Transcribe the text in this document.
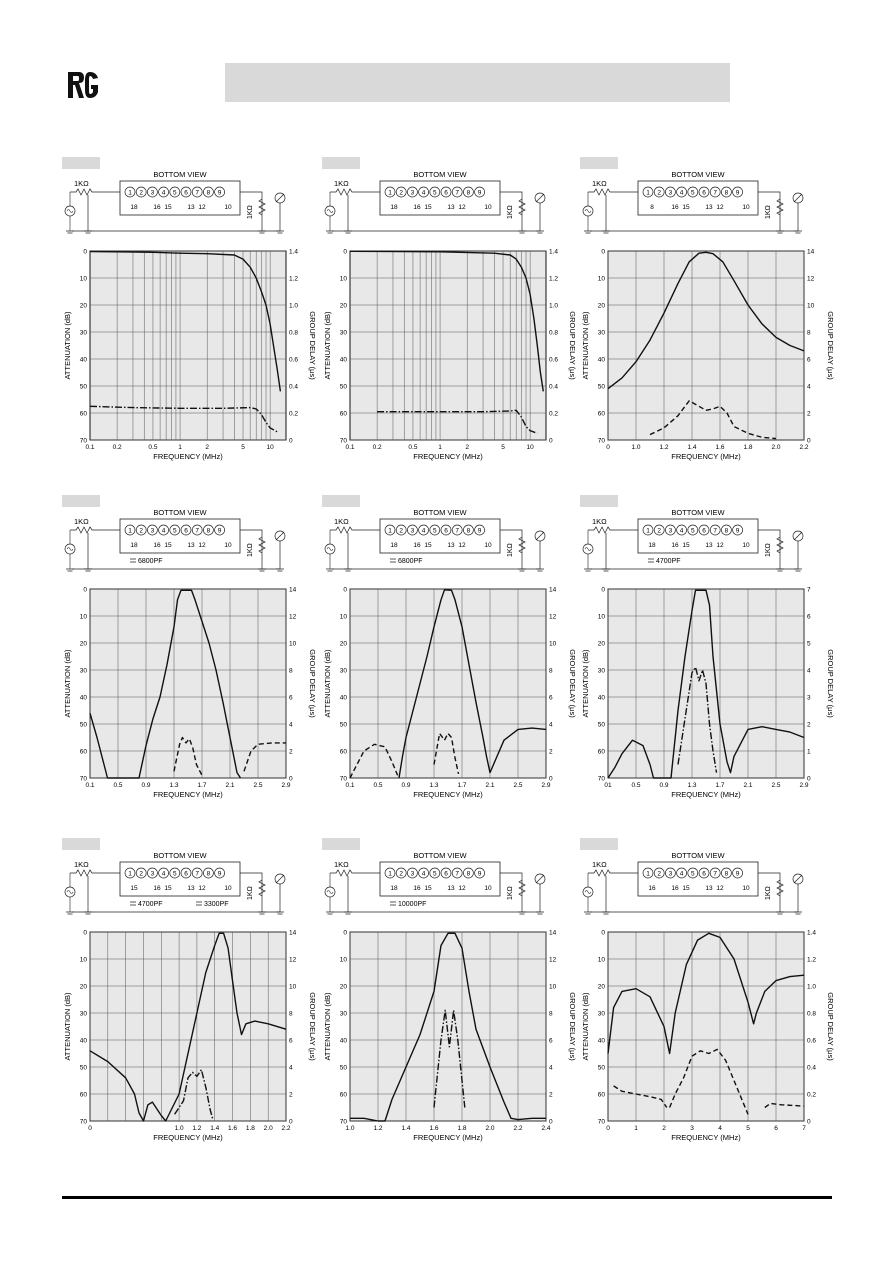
BOTTOM VIEW
1 2 3 4 5 6 7 8 9
18 16 15 13 12	10
1KΩ
1KΩ
0.1	0.2	0.5	1	2	5	10
0
10
20
30
40
50
60
70	0
0.2
0.4
0.6
0.8
1.0
1.2
1.4
FREQUENCY (MHz)
ATTENUATION (dB)	GROUP DELAY (μs)
BOTTOM VIEW
1 2 3 4 5 6 7 8 9
18 16 15 13 12	10
1KΩ
1KΩ
0.1	0.2	0.5	1	2	5	10
0
10
20
30
40
50
60
70	0
0.2
0.4
0.6
0.8
1.0
1.2
1.4
FREQUENCY (MHz)
ATTENUATION (dB)	GROUP DELAY (μs)
BOTTOM VIEW
1 2 3 4 5 6 7 8 9
8	16 15 13 12	10
1KΩ
1KΩ
0	1.0	1.2	1.4	1.6	1.8	2.0	2.2
0
10
20
30
40
50
60
70	0
2
4
6
8
10
12
14
FREQUENCY (MHz)
ATTENUATION (dB)	GROUP DELAY (μs)
BOTTOM VIEW
1 2 3 4 5 6 7 8 9
18 16 15 13 12	10
1KΩ
1KΩ
6800PF
0.1	0.5	0.9	1.3	1.7	2.1	2.5	2.9
0
10
20
30
40
50
60
70	0
2
4
6
8
10
12
14
FREQUENCY (MHz)
ATTENUATION (dB)	GROUP DELAY (μs)
BOTTOM VIEW
1 2 3 4 5 6 7 8 9
18 16 15 13 12	10
1KΩ
1KΩ
6800PF
0.1	0.5	0.9	1.3	1.7	2.1	2.5	2.9
0
10
20
30
40
50
60
70	0
2
4
6
8
10
12
14
FREQUENCY (MHz)
ATTENUATION (dB)	GROUP DELAY (μs)
BOTTOM VIEW
1 2 3 4 5 6 7 8 9
18 16 15 13 12	10
1KΩ
1KΩ
4700PF
01	0.5	0.9	1.3	1.7	2.1	2.5	2.9
0
10
20
30
40
50
60
70	0
1
2
3
4
5
6
7
FREQUENCY (MHz)
ATTENUATION (dB)	GROUP DELAY (μs)
BOTTOM VIEW
1 2 3 4 5 6 7 8 9
15 16 15 13 12	10
1KΩ
1KΩ
4700PF	3300PF
0	1.0 1.2 1.4 1.6 1.8 2.0 2.2
0
10
20
30
40
50
60
70	0
2
4
6
8
10
12
14
FREQUENCY (MHz)
ATTENUATION (dB)	GROUP DELAY (μs)
BOTTOM VIEW
1 2 3 4 5 6 7 8 9
18 16 15 13 12	10
1KΩ
1KΩ
10000PF
1.0	1.2	1.4	1.6	1.8	2.0	2.2	2.4
0
10
20
30
40
50
60
70	0
2
4
6
8
10
12
14
FREQUENCY (MHz)
ATTENUATION (dB)	GROUP DELAY (μs)
BOTTOM VIEW
1 2 3 4 5 6 7 8 9
16 16 15 13 12	10
1KΩ
1KΩ
0	1	2	3	4	5	6	7
0
10
20
30
40
50
60
70	0
0.2
0.4
0.6
0.8
1.0
1.2
1.4
FREQUENCY (MHz)
ATTENUATION (dB)	GROUP DELAY (μs)
